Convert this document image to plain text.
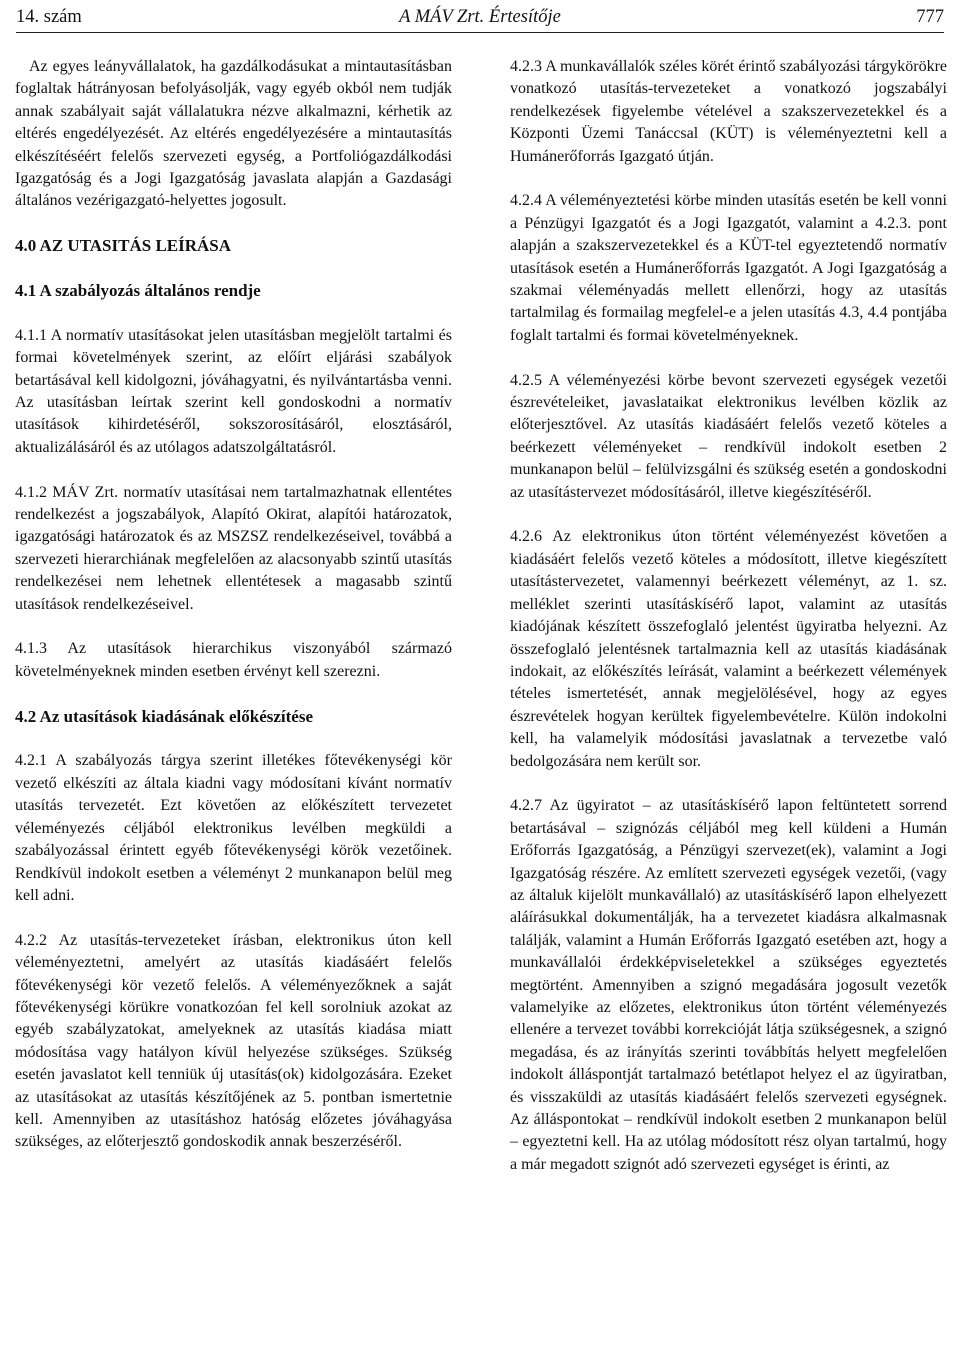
14. szám	A MÁV Zrt. Értesítője	777

Az egyes leányvállalatok, ha gazdálkodásukat a mintautasításban foglaltak hátrányosan befolyásolják, vagy egyéb okból nem tudják annak szabályait saját vállalatukra nézve alkalmazni, kérhetik az eltérés engedélyezését. Az eltérés engedélyezésére a mintautasítás elkészítéséért felelős szervezeti egység, a Portfoliógazdálkodási Igazgatóság és a Jogi Igazgatóság javaslata alapján a Gazdasági általános vezérigazgató-helyettes jogosult.

4.0 AZ UTASITÁS LEÍRÁSA

4.1 A szabályozás általános rendje

4.1.1 A normatív utasításokat jelen utasításban megjelölt tartalmi és formai követelmények szerint, az előírt eljárási szabályok betartásával kell kidolgozni, jóváhagyatni, és nyilvántartásba venni. Az utasításban leírtak szerint kell gondoskodni a normatív utasítások kihirdetéséről, sokszorosításáról, elosztásáról, aktualizálásáról és az utólagos adatszolgáltatásról.

4.1.2 MÁV Zrt. normatív utasításai nem tartalmazhatnak ellentétes rendelkezést a jogszabályok, Alapító Okirat, alapítói határozatok, igazgatósági határozatok és az MSZSZ rendelkezéseivel, továbbá a szervezeti hierarchiának megfelelően az alacsonyabb szintű utasítás rendelkezései nem lehetnek ellentétesek a magasabb szintű utasítások rendelkezéseivel.

4.1.3 Az utasítások hierarchikus viszonyából származó követelményeknek minden esetben érvényt kell szerezni.

4.2 Az utasítások kiadásának előkészítése

4.2.1 A szabályozás tárgya szerint illetékes főtevékenységi kör vezető elkészíti az általa kiadni vagy módosítani kívánt normatív utasítás tervezetét. Ezt követően az előkészített tervezetet véleményezés céljából elektronikus levélben megküldi a szabályozással érintett egyéb főtevékenységi körök vezetőinek. Rendkívül indokolt esetben a véleményt 2 munkanapon belül meg kell adni.

4.2.2 Az utasítás-tervezeteket írásban, elektronikus úton kell véleményeztetni, amelyért az utasítás kiadásáért felelős főtevékenységi kör vezető felelős. A véleményezőknek a saját főtevékenységi körükre vonatkozóan fel kell sorolniuk azokat az egyéb szabályzatokat, amelyeknek az utasítás kiadása miatt módosítása vagy hatályon kívül helyezése szükséges. Szükség esetén javaslatot kell tenniük új utasítás(ok) kidolgozására. Ezeket az utasításokat az utasítás készítőjének az 5. pontban ismertetnie kell. Amennyiben az utasításhoz hatóság előzetes jóváhagyása szükséges, az előterjesztő gondoskodik annak beszerzéséről.

4.2.3 A munkavállalók széles körét érintő szabályozási tárgykörökre vonatkozó utasítás-tervezeteket a vonatkozó jogszabályi rendelkezések figyelembe vételével a szakszervezetekkel és a Központi Üzemi Tanáccsal (KÜT) is véleményeztetni kell a Humánerőforrás Igazgató útján.

4.2.4 A véleményeztetési körbe minden utasítás esetén be kell vonni a Pénzügyi Igazgatót és a Jogi Igazgatót, valamint a 4.2.3. pont alapján a szakszervezetekkel és a KÜT-tel egyeztetendő normatív utasítások esetén a Humánerőforrás Igazgatót. A Jogi Igazgatóság a szakmai véleményadás mellett ellenőrzi, hogy az utasítás tartalmilag és formailag megfelel-e a jelen utasítás 4.3, 4.4 pontjába foglalt tartalmi és formai követelményeknek.

4.2.5 A véleményezési körbe bevont szervezeti egységek vezetői észrevételeiket, javaslataikat elektronikus levélben közlik az előterjesztővel. Az utasítás kiadásáért felelős vezető köteles a beérkezett véleményeket – rendkívül indokolt esetben 2 munkanapon belül – felülvizsgálni és szükség esetén a gondoskodni az utasítástervezet módosításáról, illetve kiegészítéséről.

4.2.6 Az elektronikus úton történt véleményezést követően a kiadásáért felelős vezető köteles a módosított, illetve kiegészített utasítástervezetet, valamennyi beérkezett véleményt, az 1. sz. melléklet szerinti utasításkísérő lapot, valamint az utasítás kiadójának készített összefoglaló jelentést ügyiratba helyezni. Az összefoglaló jelentésnek tartalmaznia kell az utasítás kiadásának indokait, az előkészítés leírását, valamint a beérkezett vélemények tételes ismertetését, annak megjelölésével, hogy az egyes észrevételek hogyan kerültek figyelembevételre. Külön indokolni kell, ha valamelyik módosítási javaslatnak a tervezetbe való bedolgozására nem került sor.

4.2.7 Az ügyiratot – az utasításkísérő lapon feltüntetett sorrend betartásával – szignózás céljából meg kell küldeni a Humán Erőforrás Igazgatóság, a Pénzügyi szervezet(ek), valamint a Jogi Igazgatóság részére. Az említett szervezeti egységek vezetői, (vagy az általuk kijelölt munkavállaló) az utasításkísérő lapon elhelyezett aláírásukkal dokumentálják, ha a tervezetet kiadásra alkalmasnak találják, valamint a Humán Erőforrás Igazgató esetében azt, hogy a munkavállalói érdekképviseletekkel a szükséges egyeztetés megtörtént. Amennyiben a szignó megadására jogosult vezetők valamelyike az előzetes, elektronikus úton történt véleményezés ellenére a tervezet további korrekcióját látja szükségesnek, a szignó megadása, és az irányítás szerinti továbbítás helyett megfelelően indokolt álláspontját tartalmazó betétlapot helyez el az ügyiratban, és visszaküldi az utasítás kiadásáért felelős szervezeti egységnek. Az álláspontokat – rendkívül indokolt esetben 2 munkanapon belül – egyeztetni kell. Ha az utólag módosított rész olyan tartalmú, hogy a már megadott szignót adó szervezeti egységet is érinti, az
